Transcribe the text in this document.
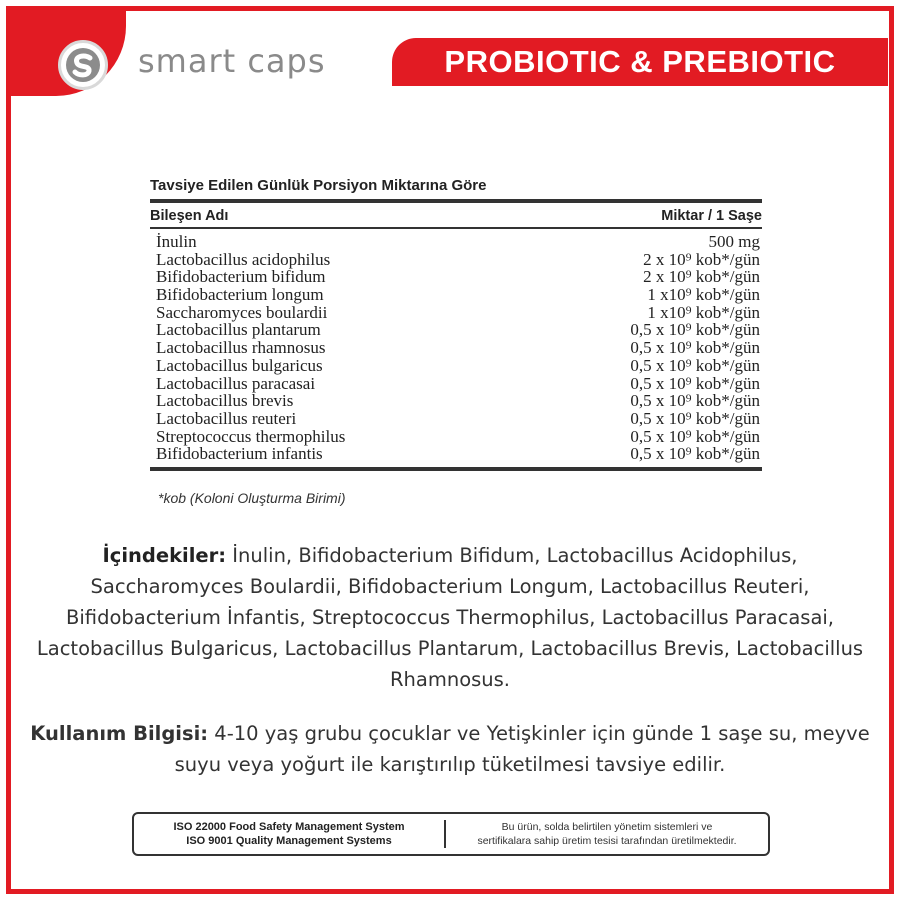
smart caps	PROBIOTIC & PREBIOTIC
Tavsiye Edilen Günlük Porsiyon Miktarına Göre
Bileşen Adı	Miktar / 1 Saşe
İnulin	500 mg
Lactobacillus acidophilus	2 x 10⁹ kob*/gün
Bifidobacterium bifidum	2 x 10⁹ kob*/gün
Bifidobacterium longum	1 x10⁹ kob*/gün
Saccharomyces boulardii	1 x10⁹ kob*/gün
Lactobacillus plantarum	0,5 x 10⁹ kob*/gün
Lactobacillus rhamnosus	0,5 x 10⁹ kob*/gün
Lactobacillus bulgaricus	0,5 x 10⁹ kob*/gün
Lactobacillus paracasai	0,5 x 10⁹ kob*/gün
Lactobacillus brevis	0,5 x 10⁹ kob*/gün
Lactobacillus reuteri	0,5 x 10⁹ kob*/gün
Streptococcus thermophilus	0,5 x 10⁹ kob*/gün
Bifidobacterium infantis	0,5 x 10⁹ kob*/gün
*kob (Koloni Oluşturma Birimi)
İçindekiler: İnulin, Bifidobacterium Bifidum, Lactobacillus Acidophilus, Saccharomyces Boulardii, Bifidobacterium Longum, Lactobacillus Reuteri, Bifidobacterium İnfantis, Streptococcus Thermophilus, Lactobacillus Paracasai, Lactobacillus Bulgaricus, Lactobacillus Plantarum, Lactobacillus Brevis, Lactobacillus Rhamnosus.
Kullanım Bilgisi: 4-10 yaş grubu çocuklar ve Yetişkinler için günde 1 saşe su, meyve suyu veya yoğurt ile karıştırılıp tüketilmesi tavsiye edilir.
ISO 22000 Food Safety Management System
ISO 9001 Quality Management Systems
Bu ürün, solda belirtilen yönetim sistemleri ve
sertifikalara sahip üretim tesisi tarafından üretilmektedir.
